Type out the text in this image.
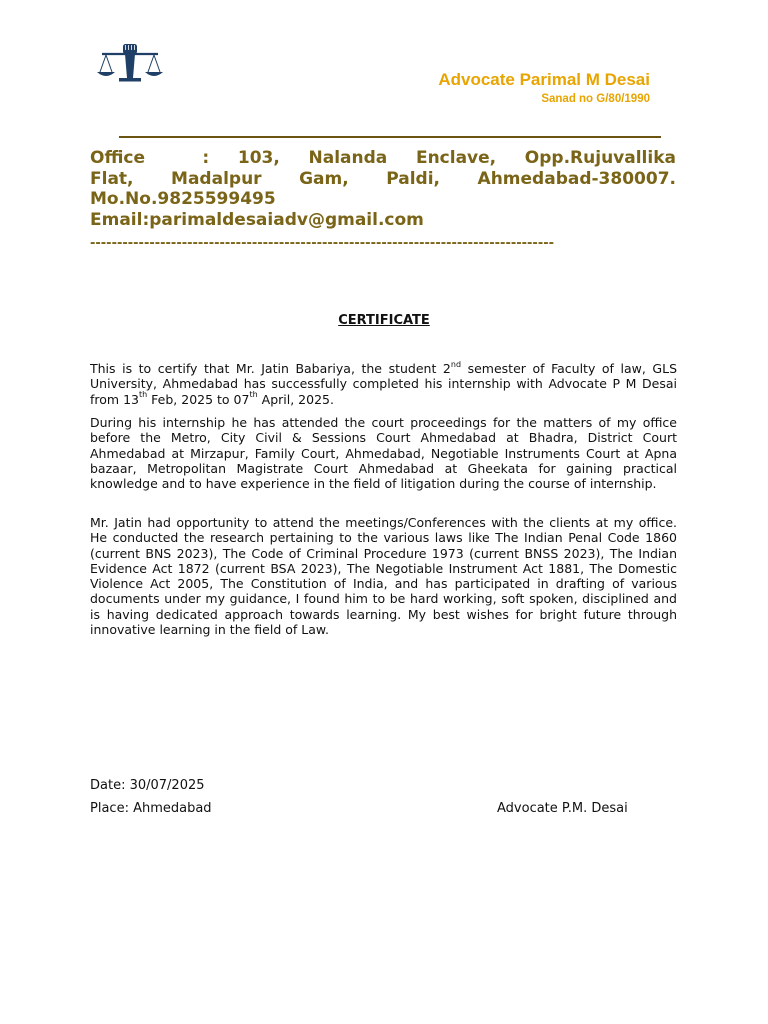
Advocate Parimal M Desai
Sanad no G/80/1990
Office    :  103,  Nalanda  Enclave,  Opp.Rujuvallika
Flat,  Madalpur  Gam,  Paldi,  Ahmedabad-380007.
Mo.No.9825599495
Email:parimaldesaiadv@gmail.com
--------------------------------------------------------------------------------------
CERTIFICATE
This is to certify that Mr. Jatin Babariya, the student 2nd semester of Faculty of law, GLS University, Ahmedabad has successfully completed his internship with Advocate P M Desai from 13th Feb, 2025 to 07th April, 2025.
During his internship he has attended the court proceedings for the matters of my office before the Metro, City Civil & Sessions Court Ahmedabad at Bhadra, District Court Ahmedabad at Mirzapur, Family Court, Ahmedabad, Negotiable Instruments Court at Apna bazaar, Metropolitan Magistrate Court Ahmedabad at Gheekata for gaining practical knowledge and to have experience in the field of litigation during the course of internship.
Mr. Jatin had opportunity to attend the meetings/Conferences with the clients at my office. He conducted the research pertaining to the various laws like The Indian Penal Code 1860 (current BNS 2023), The Code of Criminal Procedure 1973 (current BNSS 2023), The Indian Evidence Act 1872 (current BSA 2023), The Negotiable Instrument Act 1881, The Domestic Violence Act 2005, The Constitution of India, and has participated in drafting of various documents under my guidance, I found him to be hard working, soft spoken, disciplined and is having dedicated approach towards learning. My best wishes for bright future through innovative learning in the field of Law.
Date: 30/07/2025
Place: Ahmedabad	Advocate P.M. Desai
